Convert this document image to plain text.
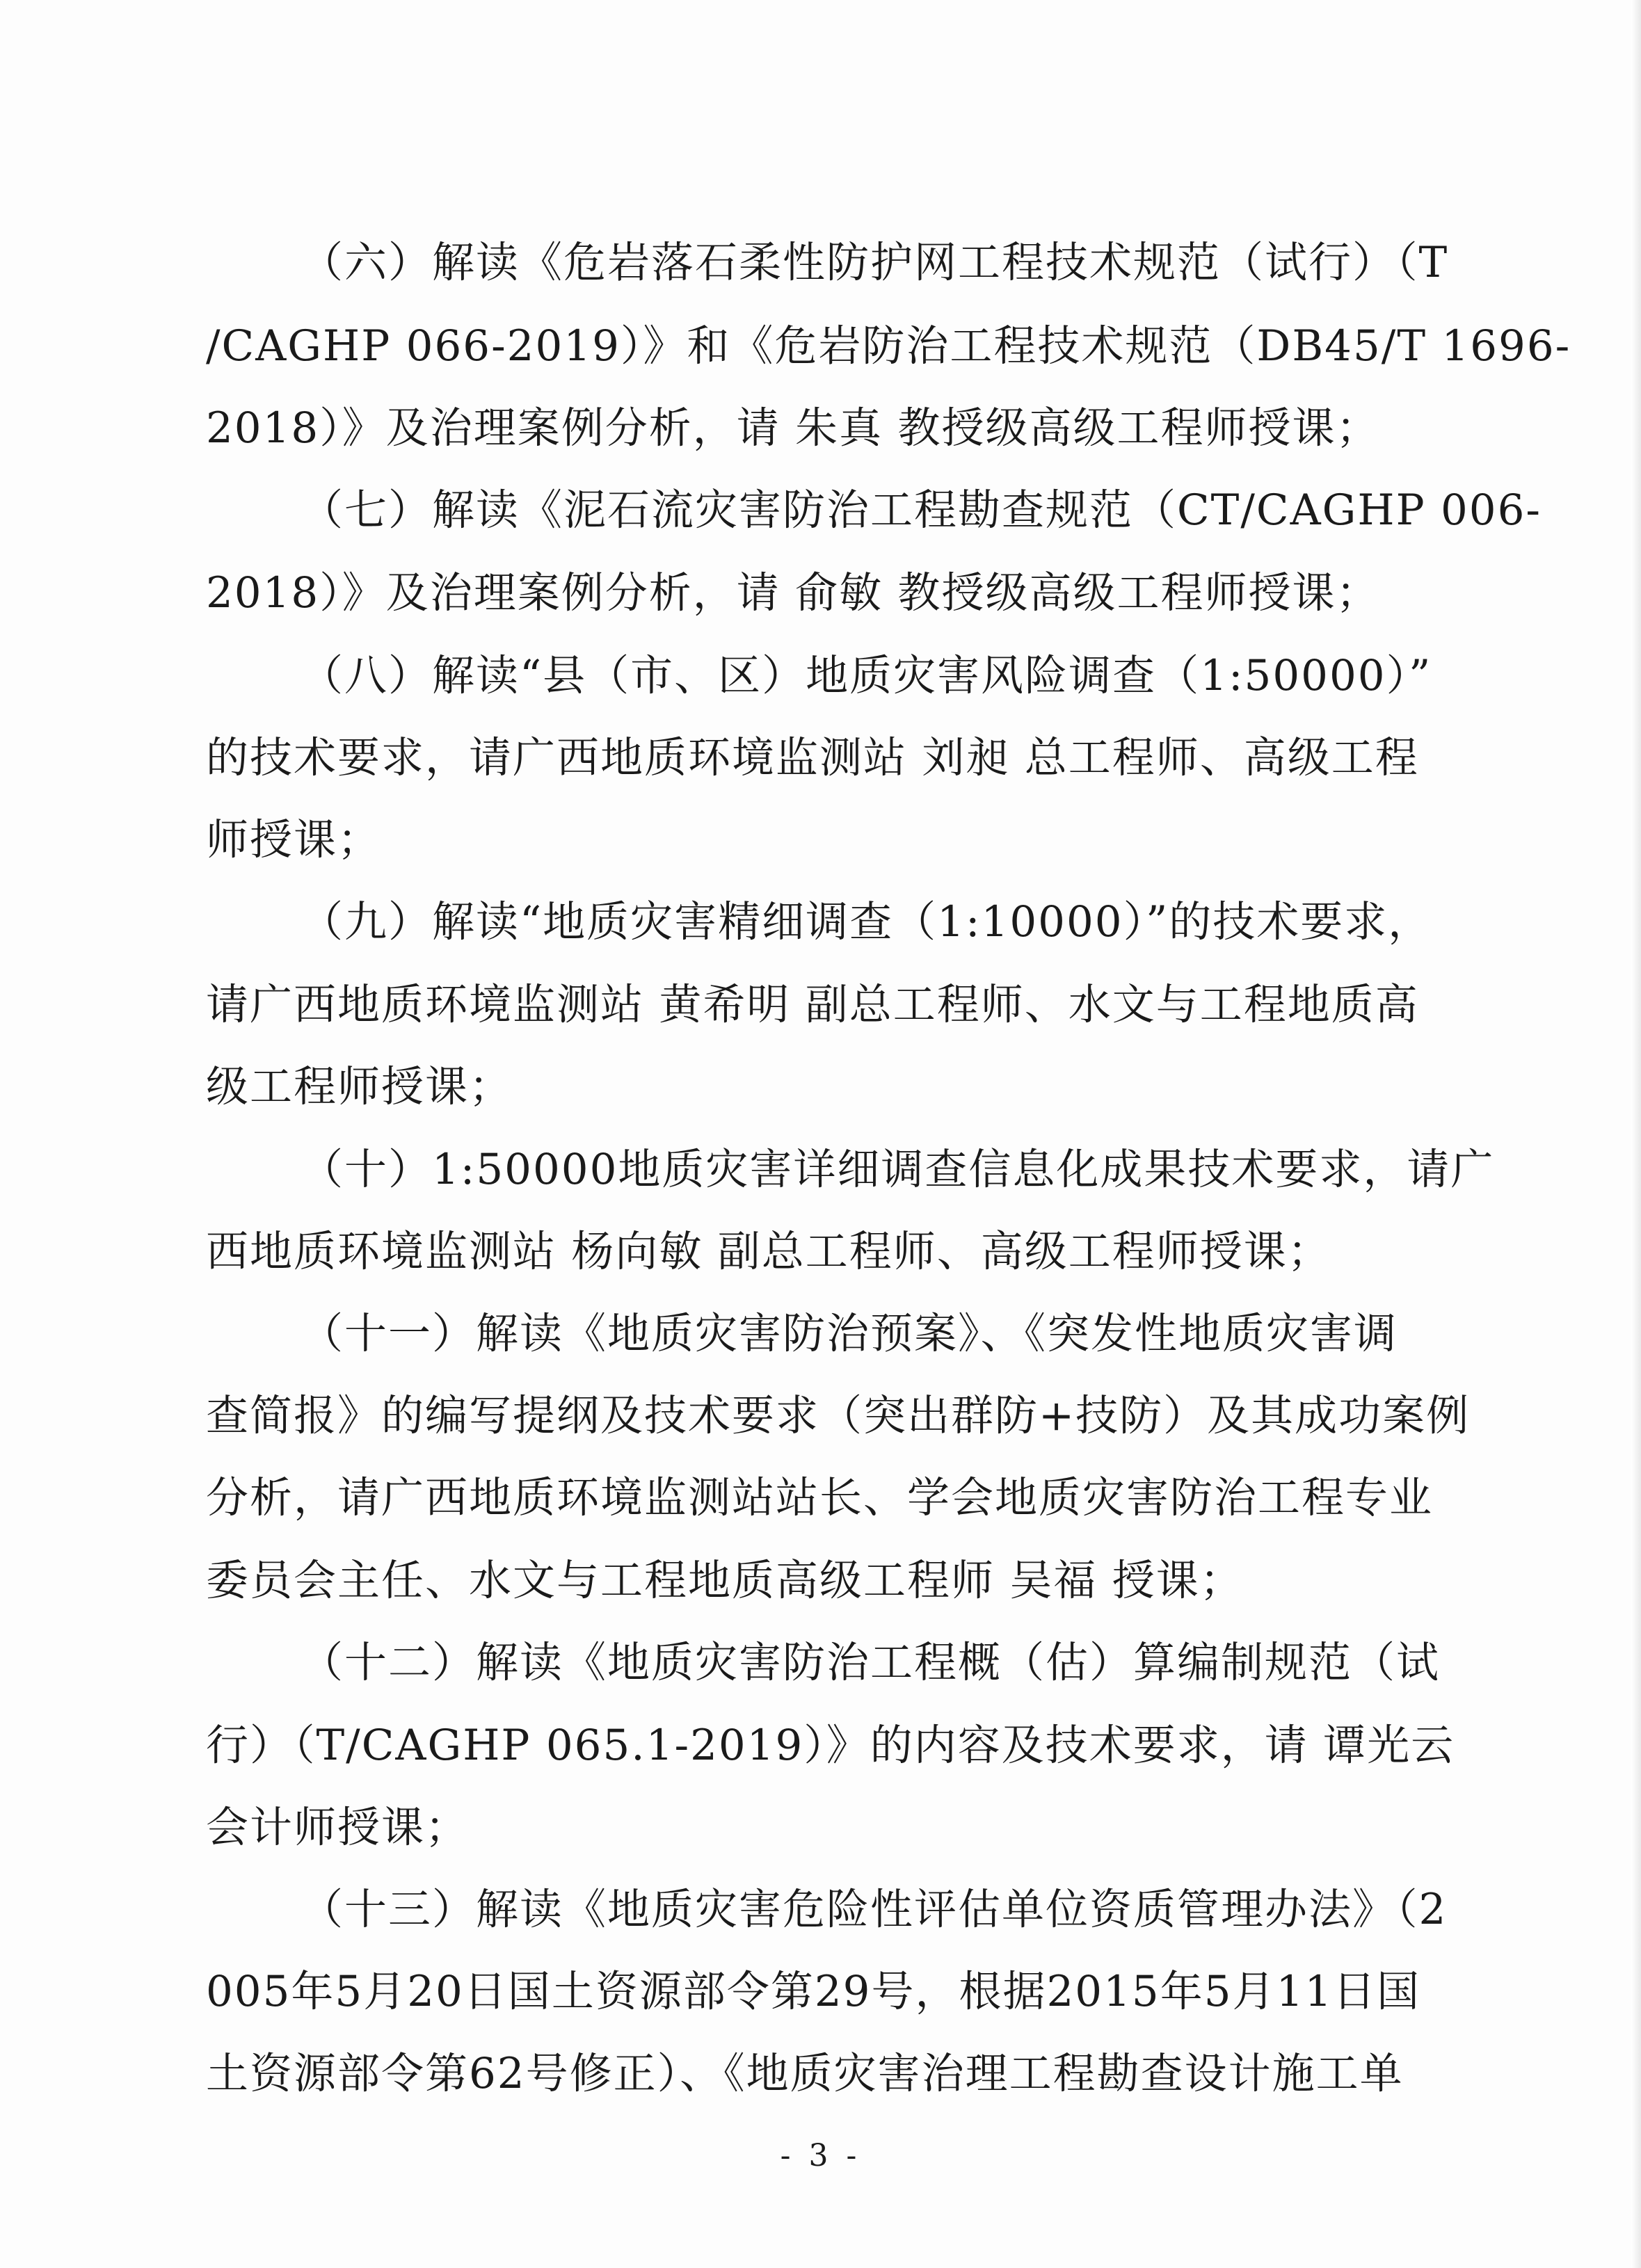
（六）解读《危岩落石柔性防护网工程技术规范（试行）（T
/CAGHP 066-2019）》和《危岩防治工程技术规范（DB45/T 1696-
2018）》及治理案例分析，请 朱真 教授级高级工程师授课；
（七）解读《泥石流灾害防治工程勘查规范（CT/CAGHP 006-
2018）》及治理案例分析，请 俞敏 教授级高级工程师授课；
（八）解读“县（市、区）地质灾害风险调查（1:50000）”
的技术要求，请广西地质环境监测站 刘昶 总工程师、高级工程
师授课；
（九）解读“地质灾害精细调查（1:10000）”的技术要求，
请广西地质环境监测站 黄希明 副总工程师、水文与工程地质高
级工程师授课；
（十）1:50000地质灾害详细调查信息化成果技术要求，请广
西地质环境监测站 杨向敏 副总工程师、高级工程师授课；
（十一）解读《地质灾害防治预案》、《突发性地质灾害调
查简报》的编写提纲及技术要求（突出群防+技防）及其成功案例
分析，请广西地质环境监测站站长、学会地质灾害防治工程专业
委员会主任、水文与工程地质高级工程师 吴福 授课；
（十二）解读《地质灾害防治工程概（估）算编制规范（试
行）（T/CAGHP 065.1-2019）》的内容及技术要求，请 谭光云
会计师授课；
（十三）解读《地质灾害危险性评估单位资质管理办法》（2
005年5月20日国土资源部令第29号，根据2015年5月11日国
土资源部令第62号修正）、《地质灾害治理工程勘查设计施工单
- 3 -
